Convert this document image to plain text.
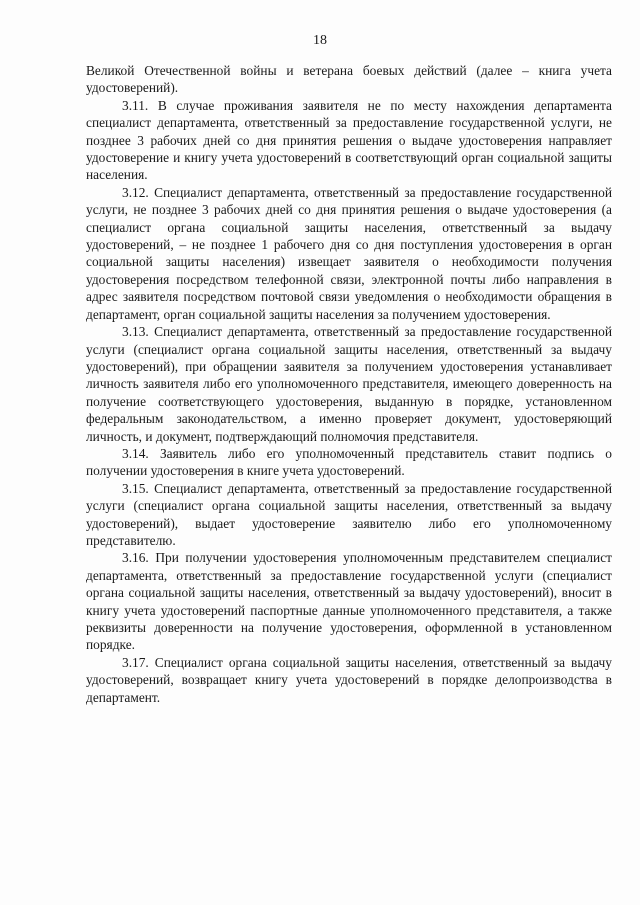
18

Великой Отечественной войны и ветерана боевых действий (далее – книга учета удостоверений).

3.11. В случае проживания заявителя не по месту нахождения департамента специалист департамента, ответственный за предоставление государственной услуги, не позднее 3 рабочих дней со дня принятия решения о выдаче удостоверения направляет удостоверение и книгу учета удостоверений в соответствующий орган социальной защиты населения.

3.12. Специалист департамента, ответственный за предоставление государственной услуги, не позднее 3 рабочих дней со дня принятия решения о выдаче удостоверения (а специалист органа социальной защиты населения, ответственный за выдачу удостоверений, – не позднее 1 рабочего дня со дня поступления удостоверения в орган социальной защиты населения) извещает заявителя о необходимости получения удостоверения посредством телефонной связи, электронной почты либо направления в адрес заявителя посредством почтовой связи уведомления о необходимости обращения в департамент, орган социальной защиты населения за получением удостоверения.

3.13. Специалист департамента, ответственный за предоставление государственной услуги (специалист органа социальной защиты населения, ответственный за выдачу удостоверений), при обращении заявителя за получением удостоверения устанавливает личность заявителя либо его уполномоченного представителя, имеющего доверенность на получение соответствующего удостоверения, выданную в порядке, установленном федеральным законодательством, а именно проверяет документ, удостоверяющий личность, и документ, подтверждающий полномочия представителя.

3.14. Заявитель либо его уполномоченный представитель ставит подпись о получении удостоверения в книге учета удостоверений.

3.15. Специалист департамента, ответственный за предоставление государственной услуги (специалист органа социальной защиты населения, ответственный за выдачу удостоверений), выдает удостоверение заявителю либо его уполномоченному представителю.

3.16. При получении удостоверения уполномоченным представителем специалист департамента, ответственный за предоставление государственной услуги (специалист органа социальной защиты населения, ответственный за выдачу удостоверений), вносит в книгу учета удостоверений паспортные данные уполномоченного представителя, а также реквизиты доверенности на получение удостоверения, оформленной в установленном порядке.

3.17. Специалист органа социальной защиты населения, ответственный за выдачу удостоверений, возвращает книгу учета удостоверений в порядке делопроизводства в департамент.
